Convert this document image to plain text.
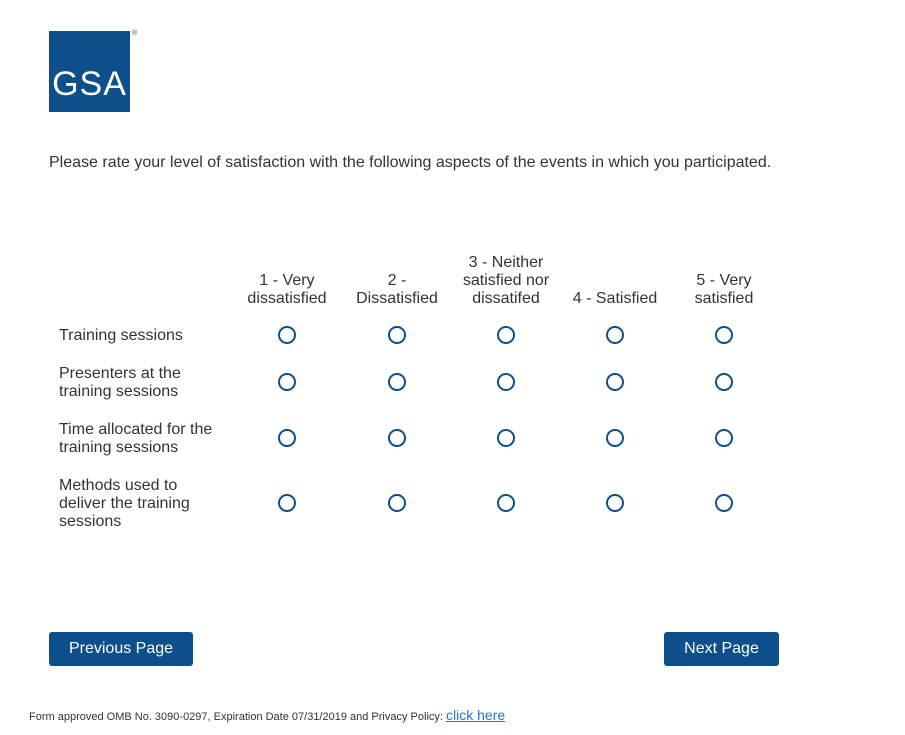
GSA
®
Please rate your level of satisfaction with the following aspects of the events in which you participated.
1 - Very dissatisfied
2 - Dissatisfied
3 - Neither satisfied nor dissatifed	4 - Satisfied
5 - Very satisfied
Training sessions
Presenters at the training sessions
Time allocated for the training sessions
Methods used to deliver the training sessions
Previous Page	Next Page
Form approved OMB No. 3090-0297, Expiration Date 07/31/2019 and Privacy Policy: click here
